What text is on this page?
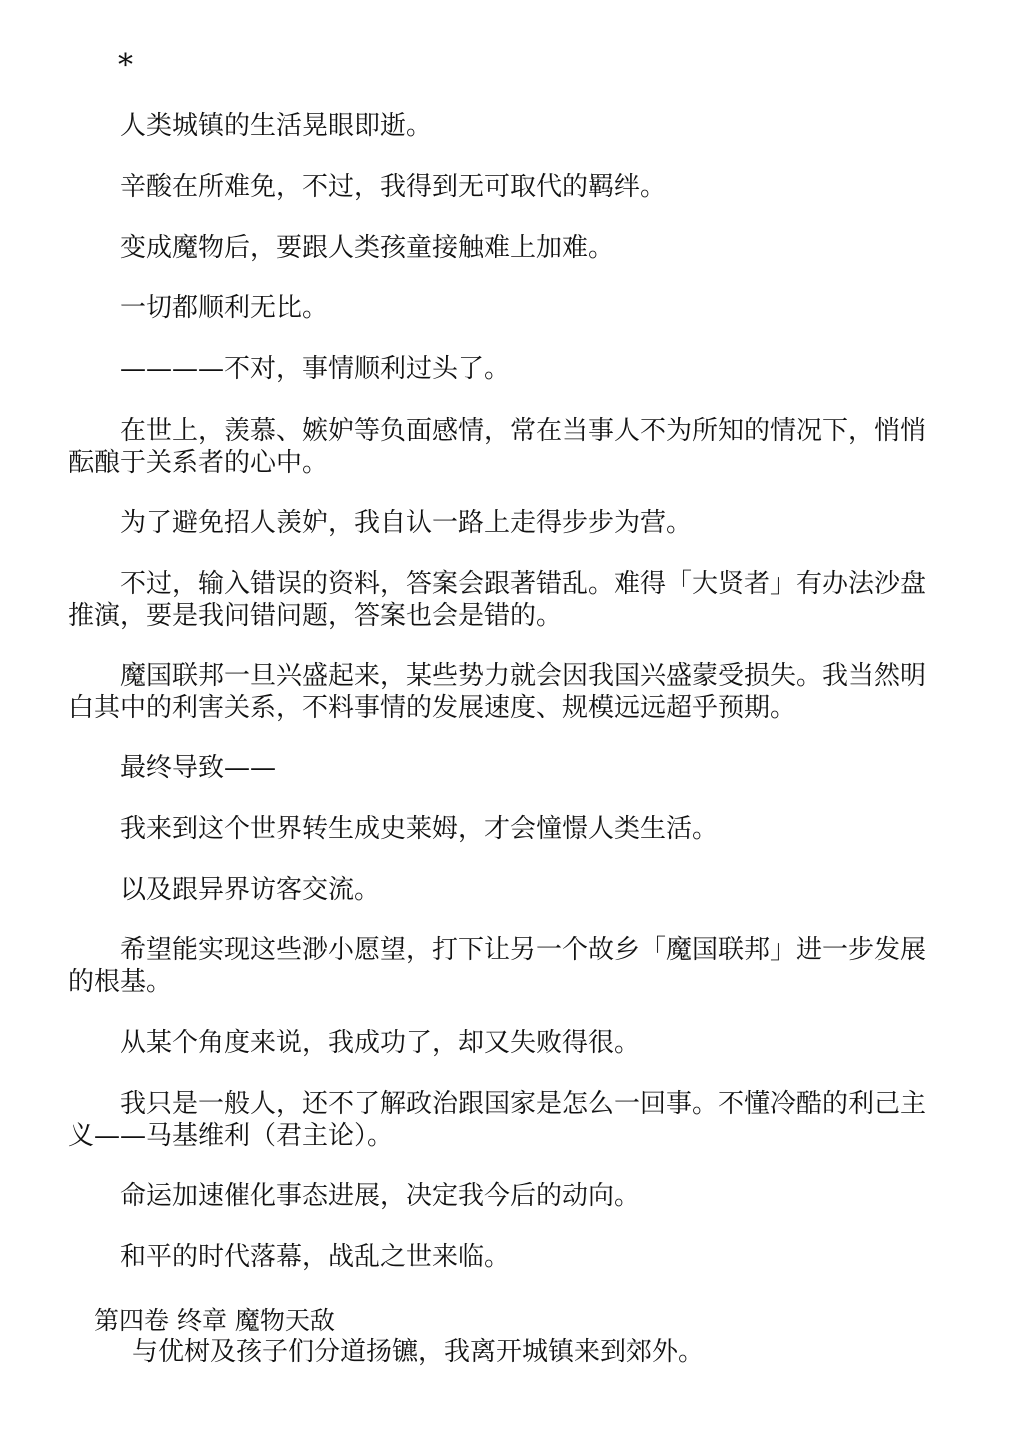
*
人类城镇的生活晃眼即逝。
辛酸在所难免，不过，我得到无可取代的羁绊。
变成魔物后，要跟人类孩童接触难上加难。
一切都顺利无比。
————不对，事情顺利过头了。
在世上，羡慕、嫉妒等负面感情，常在当事人不为所知的情况下，悄悄酝酿于关系者的心中。
为了避免招人羡妒，我自认一路上走得步步为营。
不过，输入错误的资料，答案会跟著错乱。难得「大贤者」有办法沙盘推演，要是我问错问题，答案也会是错的。
魔国联邦一旦兴盛起来，某些势力就会因我国兴盛蒙受损失。我当然明白其中的利害关系，不料事情的发展速度、规模远远超乎预期。
最终导致——
我来到这个世界转生成史莱姆，才会憧憬人类生活。
以及跟异界访客交流。
希望能实现这些渺小愿望，打下让另一个故乡「魔国联邦」进一步发展的根基。
从某个角度来说，我成功了，却又失败得很。
我只是一般人，还不了解政治跟国家是怎么一回事。不懂冷酷的利己主义——马基维利（君主论）。
命运加速催化事态进展，决定我今后的动向。
和平的时代落幕，战乱之世来临。
第四卷 终章 魔物天敌
与优树及孩子们分道扬镳，我离开城镇来到郊外。
